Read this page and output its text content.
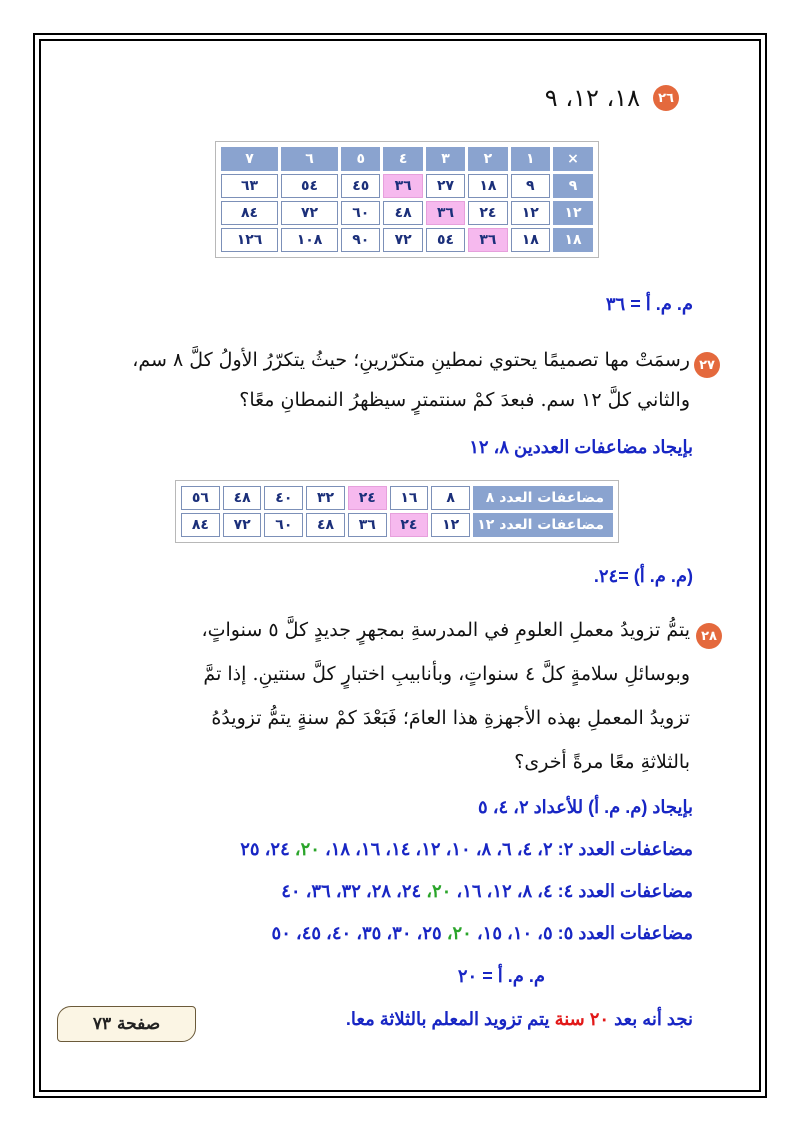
٢٦
١٨، ١٢، ٩
×	١	٢	٣	٤	٥	٦	٧
٩	٩	١٨	٢٧	٣٦	٤٥	٥٤	٦٣
١٢	١٢	٢٤	٣٦	٤٨	٦٠	٧٢	٨٤
١٨	١٨	٣٦	٥٤	٧٢	٩٠	١٠٨	١٢٦
م. م. أ = ٣٦
٢٧
رسمَتْ مها تصميمًا يحتوي نمطينِ متكرّرينِ؛ حيثُ يتكرّرُ الأولُ كلَّ ٨ سم،
والثاني كلَّ ١٢ سم. فبعدَ كمْ سنتمترٍ سيظهرُ النمطانِ معًا؟
بإيجاد مضاعفات العددين ٨، ١٢
مضاعفات العدد ٨	٨	١٦	٢٤	٣٢	٤٠	٤٨	٥٦
مضاعفات العدد ١٢	١٢	٢٤	٣٦	٤٨	٦٠	٧٢	٨٤
(م. م. أ) =٢٤.
٢٨
يتمُّ تزويدُ معملِ العلومِ في المدرسةِ بمجهرٍ جديدٍ كلَّ ٥ سنواتٍ،
وبوسائلِ سلامةٍ كلَّ ٤ سنواتٍ، وبأنابيبِ اختبارٍ كلَّ سنتينِ. إذا تمَّ
تزويدُ المعملِ بهذه الأجهزةِ هذا العامَ؛ فَبَعْدَ كمْ سنةٍ يتمُّ تزويدُهُ
بالثلاثةِ معًا مرةً أخرى؟
بإيجاد (م. م. أ) للأعداد ٢، ٤، ٥
مضاعفات العدد ٢: ٢، ٤، ٦، ٨، ١٠، ١٢، ١٤، ١٦، ١٨، ٢٠، ٢٤، ٢٥
مضاعفات العدد ٤: ٤، ٨، ١٢، ١٦، ٢٠، ٢٤، ٢٨، ٣٢، ٣٦، ٤٠
مضاعفات العدد ٥: ٥، ١٠، ١٥، ٢٠، ٢٥، ٣٠، ٣٥، ٤٠، ٤٥، ٥٠
م. م. أ = ٢٠
نجد أنه بعد ٢٠ سنة يتم تزويد المعلم بالثلاثة معا.
صفحة ٧٣
